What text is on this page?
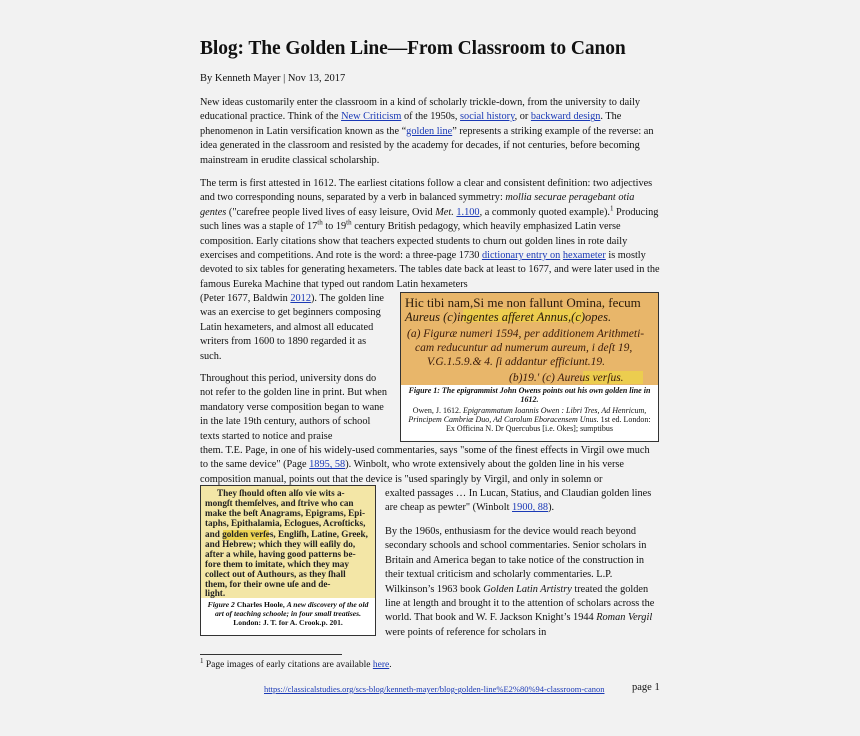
Blog: The Golden Line—From Classroom to Canon
By Kenneth Mayer | Nov 13, 2017
New ideas customarily enter the classroom in a kind of scholarly trickle-down, from the university to daily educational practice. Think of the New Criticism of the 1950s, social history, or backward design. The phenomenon in Latin versification known as the “golden line” represents a striking example of the reverse: an idea generated in the classroom and resisted by the academy for decades, if not centuries, before becoming mainstream in erudite classical scholarship.
The term is first attested in 1612. The earliest citations follow a clear and consistent definition: two adjectives and two corresponding nouns, separated by a verb in balanced symmetry: mollia securae peragebant otia gentes ("carefree people lived lives of easy leisure, Ovid Met. 1.100, a commonly quoted example).$^1$ Producing such lines was a staple of 17th to 19th century British pedagogy, which heavily emphasized Latin verse composition. Early citations show that teachers expected students to churn out golden lines in rote daily exercises and competitions. And rote is the word: a three-page 1730 dictionary entry on hexameter is mostly devoted to six tables for generating hexameters. The tables date back at least to 1677, and were later used in the famous Eureka Machine that typed out random Latin hexameters
(Peter 1677, Baldwin 2012). The golden line was an exercise to get beginners composing Latin hexameters, and almost all educated writers from 1600 to 1890 regarded it as such.
Hic tibi nam,Si me non fallunt Omina, fecum
Aureus (c)ingentes afferet Annus,(c)opes.
(a) Figuræ numeri 1594, per additionem Arithmeti-
cam reducuntur ad numerum aureum, i deſt 19,
V.G.1.5.9.& 4. ſi addantur efficiunt.19.
(b)19.' (c) Aureus verſus.
Figure 1: The epigrammist John Owens points out his own golden line in 1612.
Owen, J. 1612. Epigrammatum Ioannis Owen : Libri Tres, Ad Henricum, Principem Cambriæ Duo, Ad Carolum Eboracensem Unus. 1st ed. London: Ex Officina N. Dr Quercubus [i.e. Okes]; sumptibus
Throughout this period, university dons do not refer to the golden line in print. But when mandatory verse composition began to wane in the late 19th century, authors of school texts started to notice and praise
them. T.E. Page, in one of his widely-used commentaries, says "some of the finest effects in Virgil owe much to the same device" (Page 1895, 58). Winbolt, who wrote extensively about the golden line in his verse composition manual, points out that the device is "used sparingly by Virgil, and only in solemn or
They ſhould often alſo vie wits a-
mongſt themſelves, and ſtrive who can
make the beſt Anagrams, Epigrams, Epi-
taphs, Epithalamia, Eclogues, Acroſticks,
and golden verſes, Engliſh, Latine, Greek,
and Hebrew; which they will eaſily do,
after a while, having good patterns be-
fore them to imitate, which they may
collect out of Authours, as they ſhall
them, for their owne uſe and de-
light.
Figure 2 Charles Hoole, A new discovery of the old art of teaching schoole; in four small treatises. London: J. T. for A. Crook.p. 201.
exalted passages … In Lucan, Statius, and Claudian golden lines are cheap as pewter" (Winbolt 1900, 88).
By the 1960s, enthusiasm for the device would reach beyond secondary schools and school commentaries. Senior scholars in Britain and America began to take notice of the construction in their textual criticism and scholarly commentaries. L.P. Wilkinson’s 1963 book Golden Latin Artistry treated the golden line at length and brought it to the attention of scholars across the world. That book and W. F. Jackson Knight’s 1944 Roman Vergil were points of reference for scholars in
$^1$ Page images of early citations are available here.
https://classicalstudies.org/scs-blog/kenneth-mayer/blog-golden-line%E2%80%94-classroom-canon	page 1
